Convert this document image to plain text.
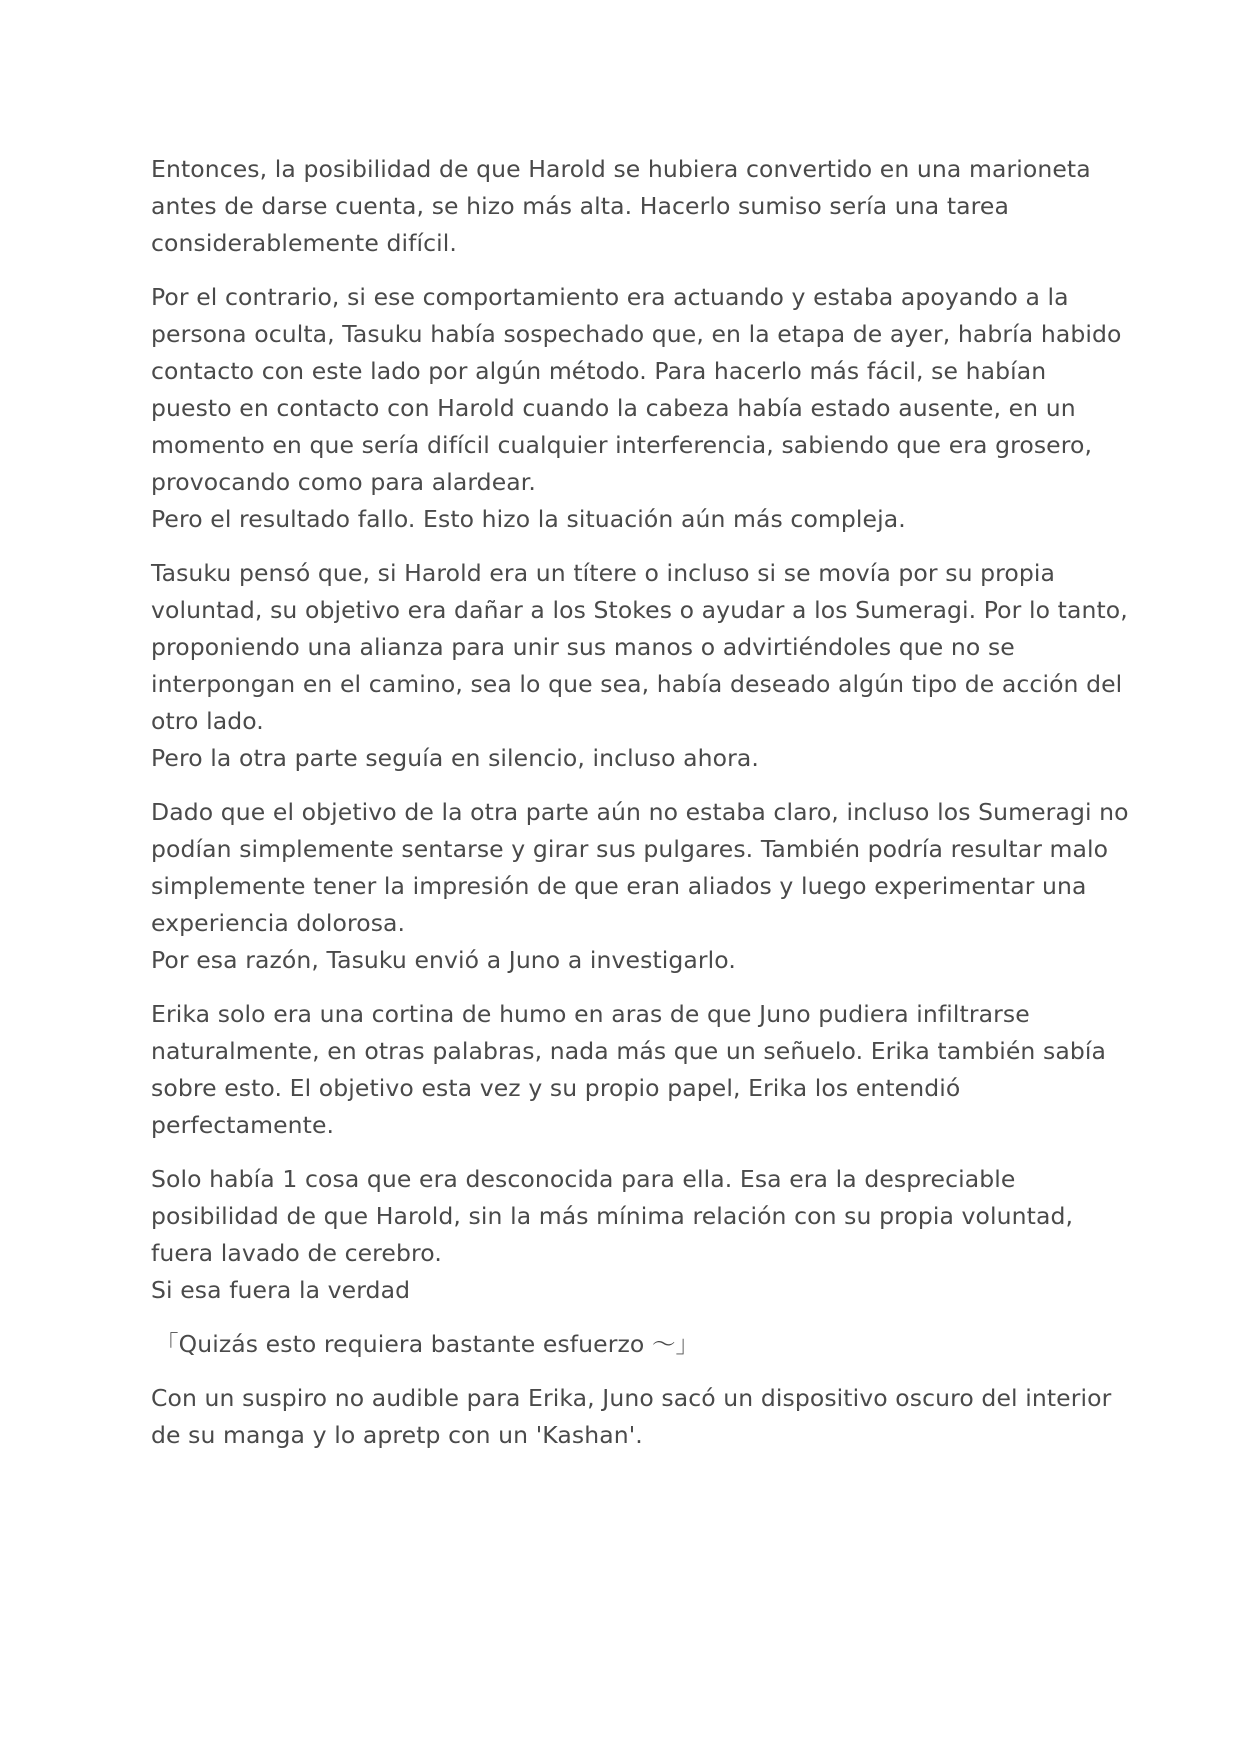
Entonces, la posibilidad de que Harold se hubiera convertido en una marioneta
antes de darse cuenta, se hizo más alta. Hacerlo sumiso sería una tarea
considerablemente difícil.

Por el contrario, si ese comportamiento era actuando y estaba apoyando a la
persona oculta, Tasuku había sospechado que, en la etapa de ayer, habría habido
contacto con este lado por algún método. Para hacerlo más fácil, se habían
puesto en contacto con Harold cuando la cabeza había estado ausente, en un
momento en que sería difícil cualquier interferencia, sabiendo que era grosero,
provocando como para alardear.
Pero el resultado fallo. Esto hizo la situación aún más compleja.

Tasuku pensó que, si Harold era un títere o incluso si se movía por su propia
voluntad, su objetivo era dañar a los Stokes o ayudar a los Sumeragi. Por lo tanto,
proponiendo una alianza para unir sus manos o advirtiéndoles que no se
interpongan en el camino, sea lo que sea, había deseado algún tipo de acción del
otro lado.
Pero la otra parte seguía en silencio, incluso ahora.

Dado que el objetivo de la otra parte aún no estaba claro, incluso los Sumeragi no
podían simplemente sentarse y girar sus pulgares. También podría resultar malo
simplemente tener la impresión de que eran aliados y luego experimentar una
experiencia dolorosa.
Por esa razón, Tasuku envió a Juno a investigarlo.

Erika solo era una cortina de humo en aras de que Juno pudiera infiltrarse
naturalmente, en otras palabras, nada más que un señuelo. Erika también sabía
sobre esto. El objetivo esta vez y su propio papel, Erika los entendió
perfectamente.

Solo había 1 cosa que era desconocida para ella. Esa era la despreciable
posibilidad de que Harold, sin la más mínima relación con su propia voluntad,
fuera lavado de cerebro.
Si esa fuera la verdad

「Quizás esto requiera bastante esfuerzo ～」

Con un suspiro no audible para Erika, Juno sacó un dispositivo oscuro del interior
de su manga y lo apretp con un 'Kashan'.
